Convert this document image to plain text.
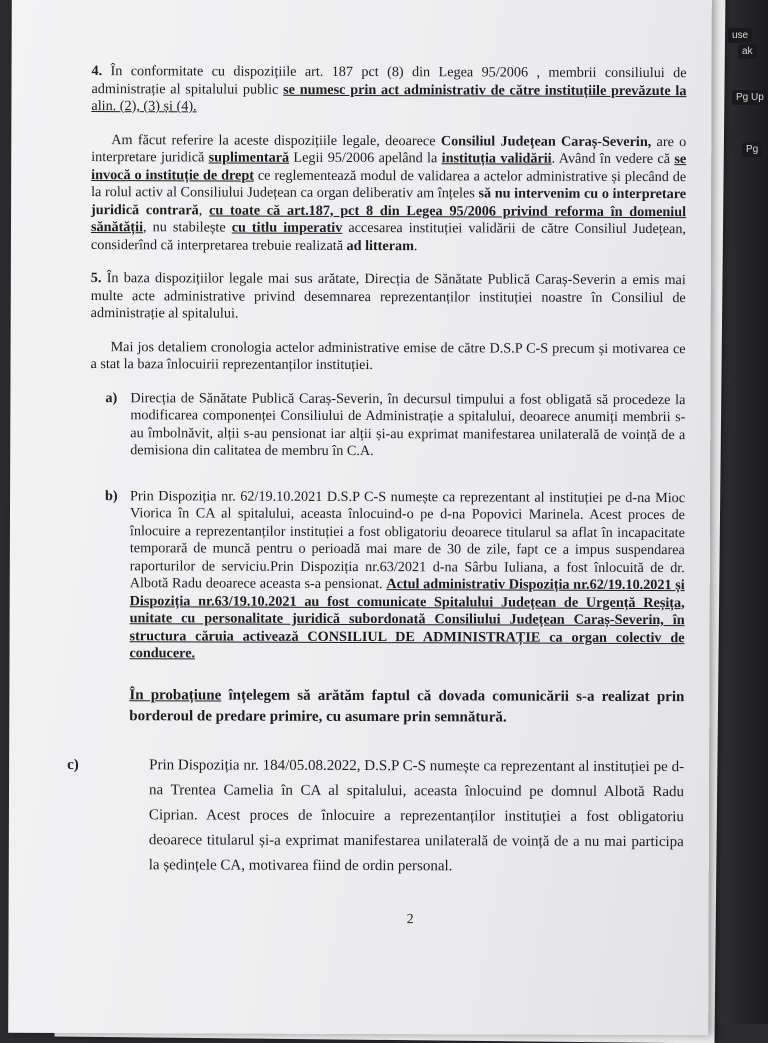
use
ak
Pg Up
Pg

4. În conformitate cu dispozițiile art. 187 pct (8) din Legea 95/2006 , membrii consiliului de administrație al spitalului public se numesc prin act administrativ de către instituțiile prevăzute la alin. (2), (3) și (4).

Am făcut referire la aceste dispozițiile legale, deoarece Consiliul Județean Caraș-Severin, are o interpretare juridică suplimentară Legii 95/2006 apelând la instituția validării. Având în vedere că se invocă o instituție de drept ce reglementează modul de validarea a actelor administrative și plecând de la rolul activ al Consiliului Județean ca organ deliberativ am înțeles să nu intervenim cu o interpretare juridică contrară, cu toate că art.187, pct 8 din Legea 95/2006 privind reforma în domeniul sănătății, nu stabilește cu titlu imperativ accesarea instituției validării de către Consiliul Județean, considerînd că interpretarea trebuie realizată ad litteram.

5. În baza dispozițiilor legale mai sus arătate, Direcția de Sănătate Publică Caraș-Severin a emis mai multe acte administrative privind desemnarea reprezentanților instituției noastre în Consiliul de administrație al spitalului.

Mai jos detaliem cronologia actelor administrative emise de către D.S.P C-S precum și motivarea ce a stat la baza înlocuirii reprezentanților instituției.

a) Direcția de Sănătate Publică Caraș-Severin, în decursul timpului a fost obligată să procedeze la modificarea componenței Consiliului de Administrație a spitalului, deoarece anumiți membrii s-au îmbolnăvit, alții s-au pensionat iar alții și-au exprimat manifestarea unilaterală de voință de a demisiona din calitatea de membru în C.A.
b) Prin Dispoziția nr. 62/19.10.2021 D.S.P C-S numește ca reprezentant al instituției pe d-na Mioc Viorica în CA al spitalului, aceasta înlocuind-o pe d-na Popovici Marinela. Acest proces de înlocuire a reprezentanților instituției a fost obligatoriu deoarece titularul sa aflat în incapacitate temporară de muncă pentru o perioadă mai mare de 30 de zile, fapt ce a impus suspendarea raporturilor de serviciu.Prin Dispoziția nr.63/2021 d-na Sârbu Iuliana, a fost înlocuită de dr. Albotă Radu deoarece aceasta s-a pensionat. Actul administrativ Dispoziția nr.62/19.10.2021 și Dispoziția nr.63/19.10.2021 au fost comunicate Spitalului Județean de Urgență Reșița, unitate cu personalitate juridică subordonată Consiliului Județean Caraș-Severin, în structura căruia activează CONSILIUL DE ADMINISTRAȚIE ca organ colectiv de conducere.
În probațiune înțelegem să arătăm faptul că dovada comunicării s-a realizat prin borderoul de predare primire, cu asumare prin semnătură.
c)	Prin Dispoziția nr. 184/05.08.2022, D.S.P C-S numește ca reprezentant al instituției pe d-na Trentea Camelia în CA al spitalului, aceasta înlocuind pe domnul Albotă Radu Ciprian. Acest proces de înlocuire a reprezentanților instituției a fost obligatoriu deoarece titularul și-a exprimat manifestarea unilaterală de voință de a nu mai participa la ședințele CA, motivarea fiind de ordin personal.
2
